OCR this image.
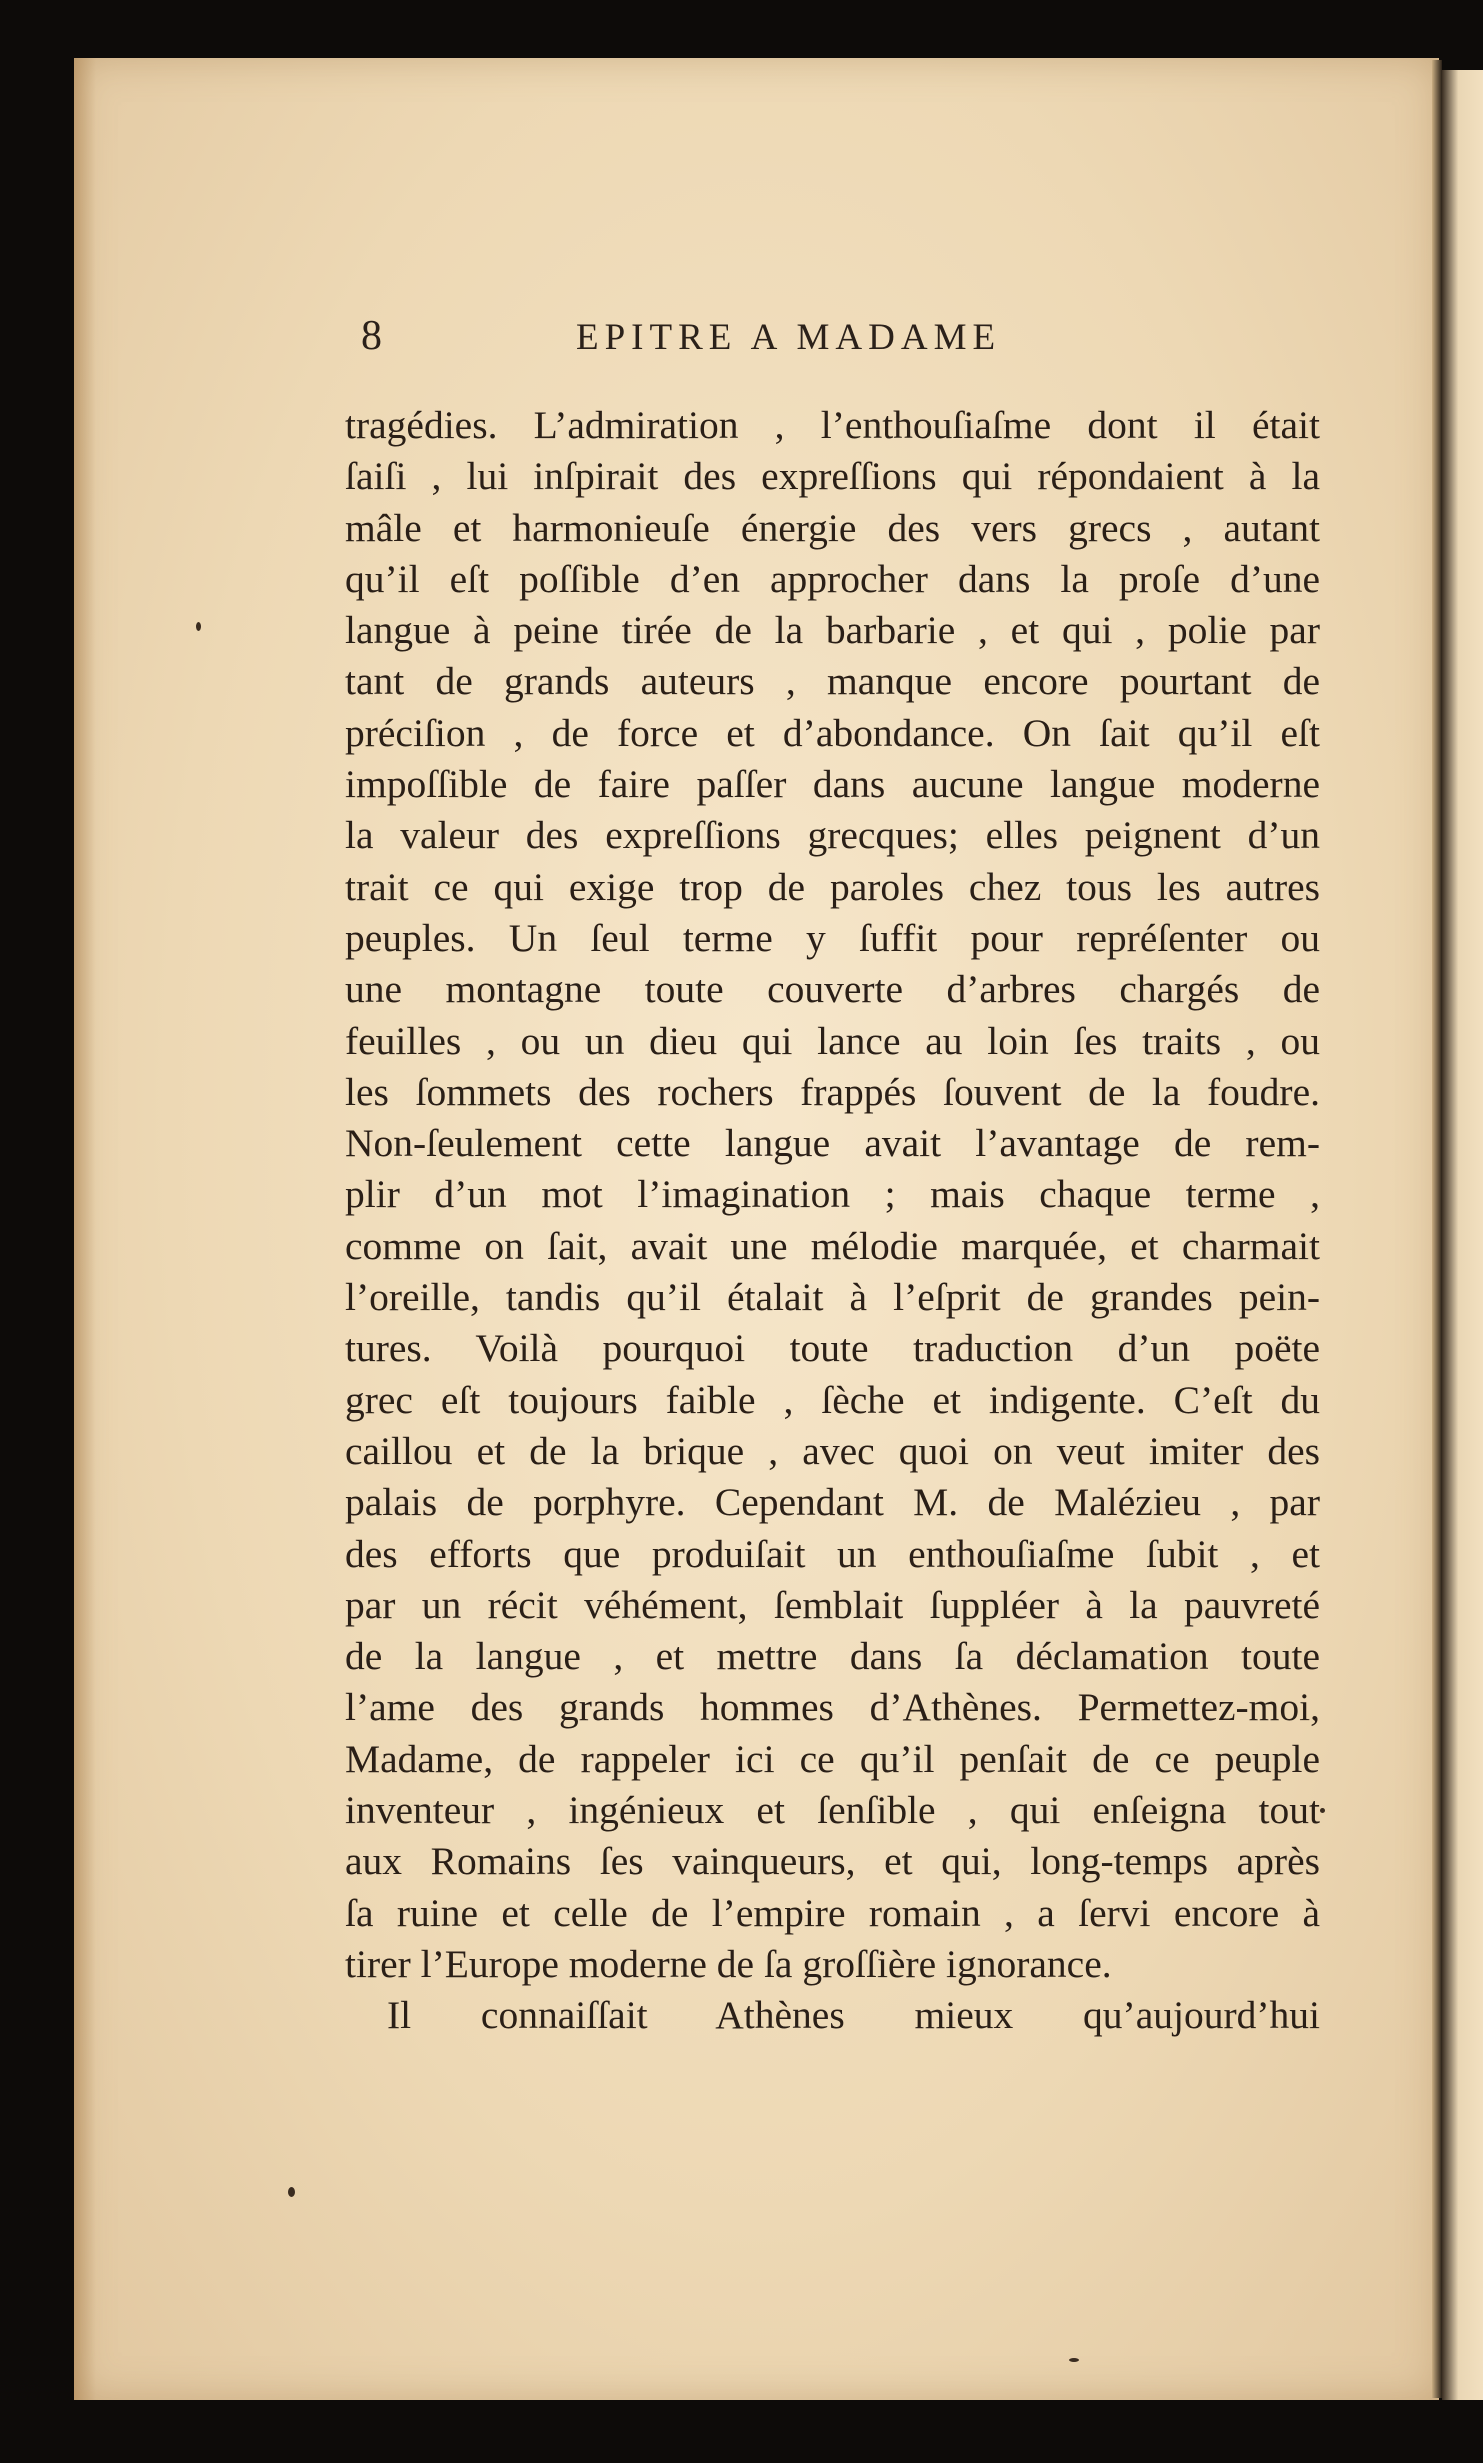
8	EPITRE A MADAME
tragédies. L’admiration , l’enthouſiaſme dont il était
ſaiſi , lui inſpirait des expreſſions qui répondaient à la
mâle et harmonieuſe énergie des vers grecs , autant
qu’il eſt poſſible d’en approcher dans la proſe d’une
langue à peine tirée de la barbarie , et qui , polie par
tant de grands auteurs , manque encore pourtant de
préciſion , de force et d’abondance. On ſait qu’il eſt
impoſſible de faire paſſer dans aucune langue moderne
la valeur des expreſſions grecques; elles peignent d’un
trait ce qui exige trop de paroles chez tous les autres
peuples. Un ſeul terme y ſuffit pour repréſenter ou
une montagne toute couverte d’arbres chargés de
feuilles , ou un dieu qui lance au loin ſes traits , ou
les ſommets des rochers frappés ſouvent de la foudre.
Non-ſeulement cette langue avait l’avantage de rem-
plir d’un mot l’imagination ; mais chaque terme ,
comme on ſait, avait une mélodie marquée, et charmait
l’oreille, tandis qu’il étalait à l’eſprit de grandes pein-
tures. Voilà pourquoi toute traduction d’un poëte
grec eſt toujours faible , ſèche et indigente. C’eſt du
caillou et de la brique , avec quoi on veut imiter des
palais de porphyre. Cependant M. de Malézieu , par
des efforts que produiſait un enthouſiaſme ſubit , et
par un récit véhément, ſemblait ſuppléer à la pauvreté
de la langue , et mettre dans ſa déclamation toute
l’ame des grands hommes d’Athènes. Permettez-moi,
Madame, de rappeler ici ce qu’il penſait de ce peuple
inventeur , ingénieux et ſenſible , qui enſeigna tout
aux Romains ſes vainqueurs, et qui, long-temps après
ſa ruine et celle de l’empire romain , a ſervi encore à
tirer l’Europe moderne de ſa groſſière ignorance.
Il connaiſſait Athènes mieux qu’aujourd’hui
